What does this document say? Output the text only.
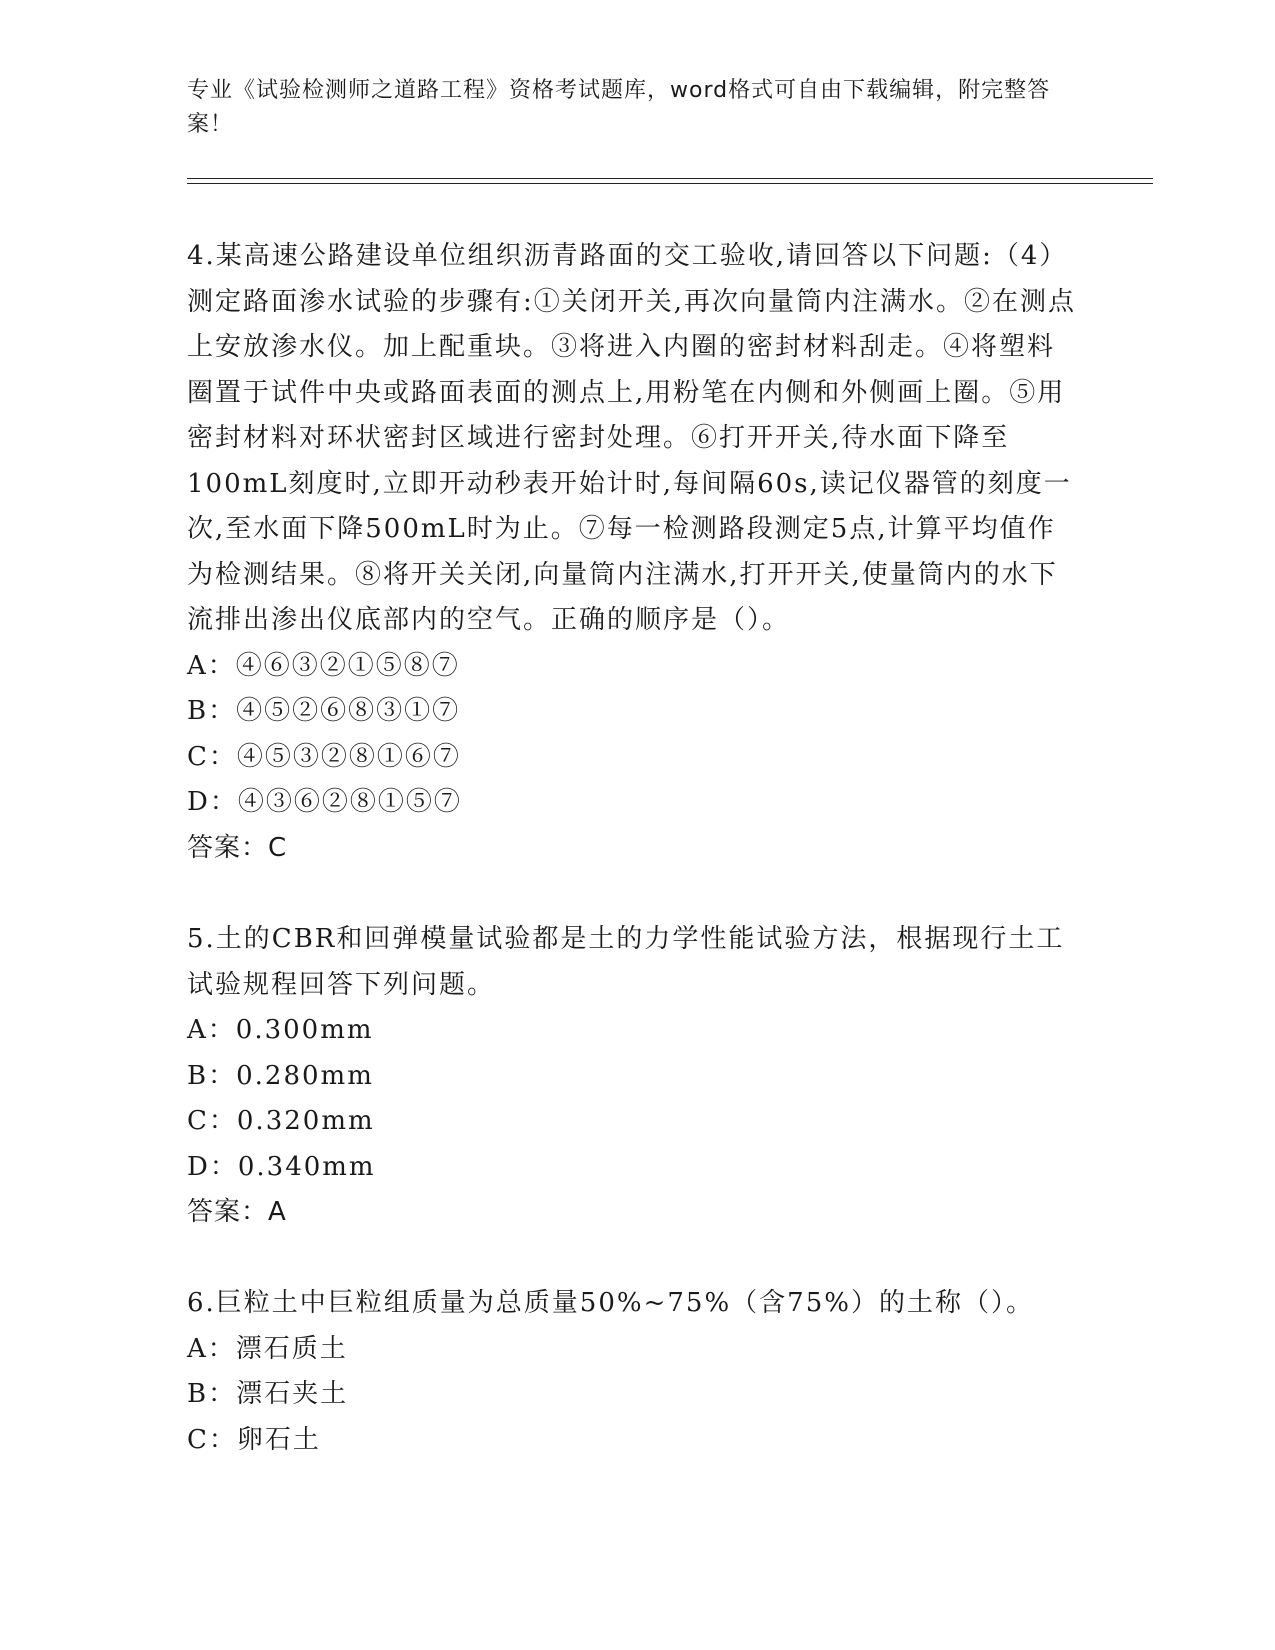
专业《试验检测师之道路工程》资格考试题库，word格式可自由下载编辑，附完整答案！

4.某高速公路建设单位组织沥青路面的交工验收,请回答以下问题:（4）测定路面渗水试验的步骤有:①关闭开关,再次向量筒内注满水。②在测点上安放渗水仪。加上配重块。③将进入内圈的密封材料刮走。④将塑料圈置于试件中央或路面表面的测点上,用粉笔在内侧和外侧画上圈。⑤用密封材料对环状密封区域进行密封处理。⑥打开开关,待水面下降至100mL刻度时,立即开动秒表开始计时,每间隔60s,读记仪器管的刻度一次,至水面下降500mL时为止。⑦每一检测路段测定5点,计算平均值作为检测结果。⑧将开关关闭,向量筒内注满水,打开开关,使量筒内的水下流排出渗出仪底部内的空气。正确的顺序是（）。

A：④⑥③②①⑤⑧⑦

B：④⑤②⑥⑧③①⑦

C：④⑤③②⑧①⑥⑦

D：④③⑥②⑧①⑤⑦

答案：C

5.土的CBR和回弹模量试验都是土的力学性能试验方法，根据现行土工试验规程回答下列问题。

A：0.300mm

B：0.280mm

C：0.320mm

D：0.340mm

答案：A

6.巨粒土中巨粒组质量为总质量50%~75%（含75%）的土称（）。

A：漂石质土

B：漂石夹土

C：卵石土
